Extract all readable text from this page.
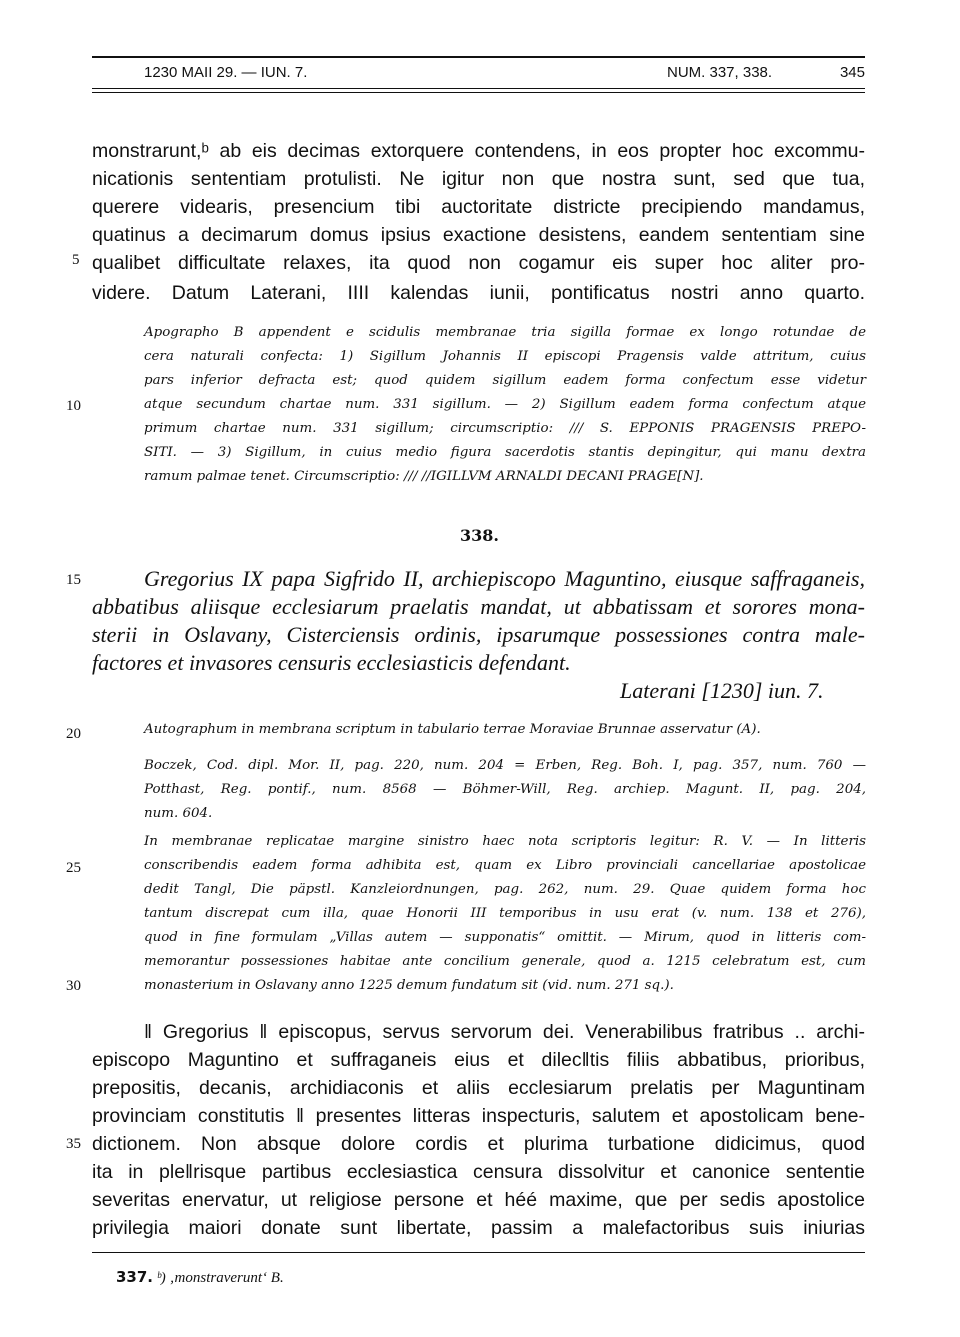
1230 MAII 29. — IUN. 7.	NUM. 337, 338.	345
5
10
15
20
25
30
35
monstrarunt,ᵇ ab eis decimas extorquere contendens, in eos propter hoc excommu-
nicationis sententiam protulisti. Ne igitur non que nostra sunt, sed que tua,
querere videaris, presencium tibi auctoritate districte precipiendo mandamus,
quatinus a decimarum domus ipsius exactione desistens, eandem sententiam sine
qualibet difficultate relaxes, ita quod non cogamur eis super hoc aliter pro-
videre. Datum Laterani, IIII kalendas iunii, pontificatus nostri anno quarto.
Apographo B appendent e scidulis membranae tria sigilla formae ex longo rotundae de
cera naturali confecta: 1) Sigillum Johannis II episcopi Pragensis valde attritum, cuius
pars inferior defracta est; quod quidem sigillum eadem forma confectum esse videtur
atque secundum chartae num. 331 sigillum. — 2) Sigillum eadem forma confectum atque
primum chartae num. 331 sigillum; circumscriptio: /// S. EPPONIS PRAGENSIS PREPO-
SITI. — 3) Sigillum, in cuius medio figura sacerdotis stantis depingitur, qui manu dextra
ramum palmae tenet. Circumscriptio: /// //IGILLVM ARNALDI DECANI PRAGE[N].
338.
Gregorius IX papa Sigfrido II, archiepiscopo Maguntino, eiusque saffraganeis,
abbatibus aliisque ecclesiarum praelatis mandat, ut abbatissam et sorores mona-
sterii in Oslavany, Cisterciensis ordinis, ipsarumque possessiones contra male-
factores et invasores censuris ecclesiasticis defendant.
Laterani [1230] iun. 7.
Autographum in membrana scriptum in tabulario terrae Moraviae Brunnae asservatur (A).
Boczek, Cod. dipl. Mor. II, pag. 220, num. 204 = Erben, Reg. Boh. I, pag. 357, num. 760 —
Potthast, Reg. pontif., num. 8568 — Böhmer-Will, Reg. archiep. Magunt. II, pag. 204,
num. 604.
In membranae replicatae margine sinistro haec nota scriptoris legitur: R. V. — In litteris
conscribendis eadem forma adhibita est, quam ex Libro provinciali cancellariae apostolicae
dedit Tangl, Die päpstl. Kanzleiordnungen, pag. 262, num. 29. Quae quidem forma hoc
tantum discrepat cum illa, quae Honorii III temporibus in usu erat (v. num. 138 et 276),
quod in fine formulam „Villas autem — supponatis“ omittit. — Mirum, quod in litteris com-
memorantur possessiones habitae ante concilium generale, quod a. 1215 celebratum est, cum
monasterium in Oslavany anno 1225 demum fundatum sit (vid. num. 271 sq.).
‖ Gregorius ‖ episcopus, servus servorum dei. Venerabilibus fratribus .. archi-
episcopo Maguntino et suffraganeis eius et dilec‖tis filiis abbatibus, prioribus,
prepositis, decanis, archidiaconis et aliis ecclesiarum prelatis per Maguntinam
provinciam constitutis ‖ presentes litteras inspecturis, salutem et apostolicam bene-
dictionem. Non absque dolore cordis et plurima turbatione didicimus, quod
ita in ple‖risque partibus ecclesiastica censura dissolvitur et canonice sententie
severitas enervatur, ut religiose persone et héé maxime, que per sedis apostolice
privilegia maiori donate sunt libertate, passim a malefactoribus suis iniurias
337. ᵇ) ‚monstraverunt‘ B.
